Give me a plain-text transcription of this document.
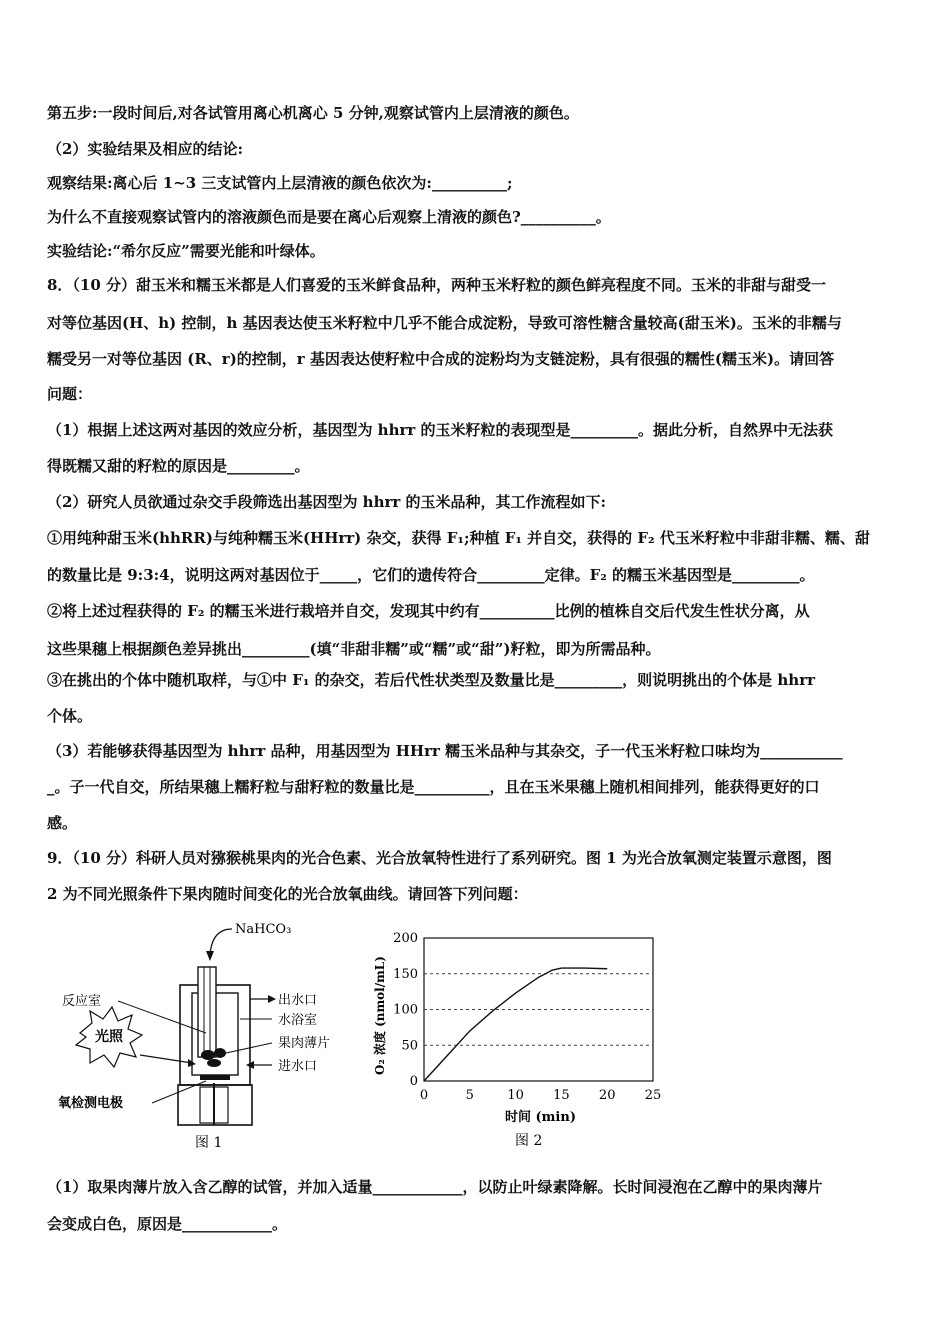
第五步:一段时间后,对各试管用离心机离心 5 分钟,观察试管内上层清液的颜色。
（2）实验结果及相应的结论:
观察结果:离心后 1~3 三支试管内上层清液的颜色依次为:__________;
为什么不直接观察试管内的溶液颜色而是要在离心后观察上清液的颜色?__________。
实验结论:“希尔反应”需要光能和叶绿体。
8．（10 分）甜玉米和糯玉米都是人们喜爱的玉米鲜食品种，两种玉米籽粒的颜色鲜亮程度不同。玉米的非甜与甜受一
对等位基因(H、h) 控制，h 基因表达使玉米籽粒中几乎不能合成淀粉，导致可溶性糖含量较高(甜玉米)。玉米的非糯与
糯受另一对等位基因 (R、r)的控制，r 基因表达使籽粒中合成的淀粉均为支链淀粉，具有很强的糯性(糯玉米)。请回答
问题：
（1）根据上述这两对基因的效应分析，基因型为 hhrr 的玉米籽粒的表现型是_________。据此分析，自然界中无法获
得既糯又甜的籽粒的原因是_________。
（2）研究人员欲通过杂交手段筛选出基因型为 hhrr 的玉米品种，其工作流程如下:
①用纯种甜玉米(hhRR)与纯种糯玉米(HHrr) 杂交，获得 F₁;种植 F₁ 并自交，获得的 F₂ 代玉米籽粒中非甜非糯、糯、甜
的数量比是 9:3:4，说明这两对基因位于_____，它们的遗传符合_________定律。F₂ 的糯玉米基因型是_________。
②将上述过程获得的 F₂ 的糯玉米进行栽培并自交，发现其中约有__________比例的植株自交后代发生性状分离，从
这些果穗上根据颜色差异挑出_________(填“非甜非糯”或“糯”或“甜”)籽粒，即为所需品种。
③在挑出的个体中随机取样，与①中 F₁ 的杂交，若后代性状类型及数量比是_________，则说明挑出的个体是 hhrr
个体。
（3）若能够获得基因型为 hhrr 品种，用基因型为 HHrr 糯玉米品种与其杂交，子一代玉米籽粒口味均为___________
_。子一代自交，所结果穗上糯籽粒与甜籽粒的数量比是__________，且在玉米果穗上随机相间排列，能获得更好的口
感。
9．（10 分）科研人员对猕猴桃果肉的光合色素、光合放氧特性进行了系列研究。图 1 为光合放氧测定装置示意图，图
2 为不同光照条件下果肉随时间变化的光合放氧曲线。请回答下列问题：
（1）取果肉薄片放入含乙醇的试管，并加入适量____________，以防止叶绿素降解。长时间浸泡在乙醇中的果肉薄片
会变成白色，原因是____________。
NaHCO₃
出水口
水浴室
果肉薄片
进水口
反应室
光照
氧检测电极
图 1
0
50
100
150
200
0	5	10 15 20 25
时间 (min)
O₂ 浓度 (nmol/mL)
图 2
